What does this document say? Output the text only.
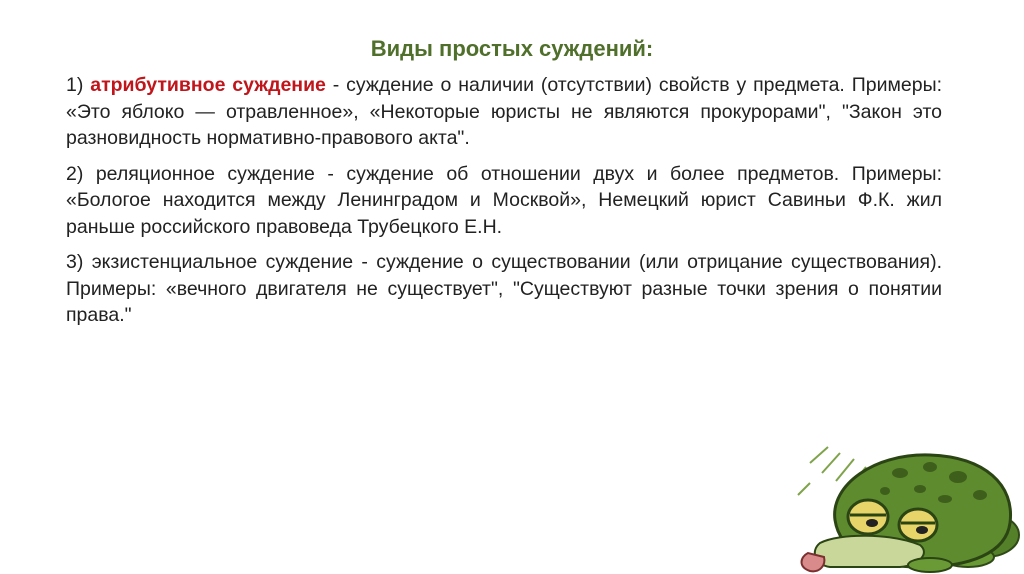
Виды простых суждений:

1) атрибутивное суждение - суждение о наличии (отсутствии) свойств у предмета. Примеры: «Это яблоко — отравленное», «Некоторые юристы не являются прокурорами", "Закон это разновидность нормативно-правового акта".

2) реляционное суждение - суждение об отношении двух и более предметов. Примеры: «Бологое находится между Ленинградом и Москвой», Немецкий юрист Савиньи Ф.К. жил раньше российского правоведа Трубецкого Е.Н.

3) экзистенциальное суждение - суждение о существовании (или отрицание существования). Примеры: «вечного двигателя не существует", "Существуют разные точки зрения о понятии права."
